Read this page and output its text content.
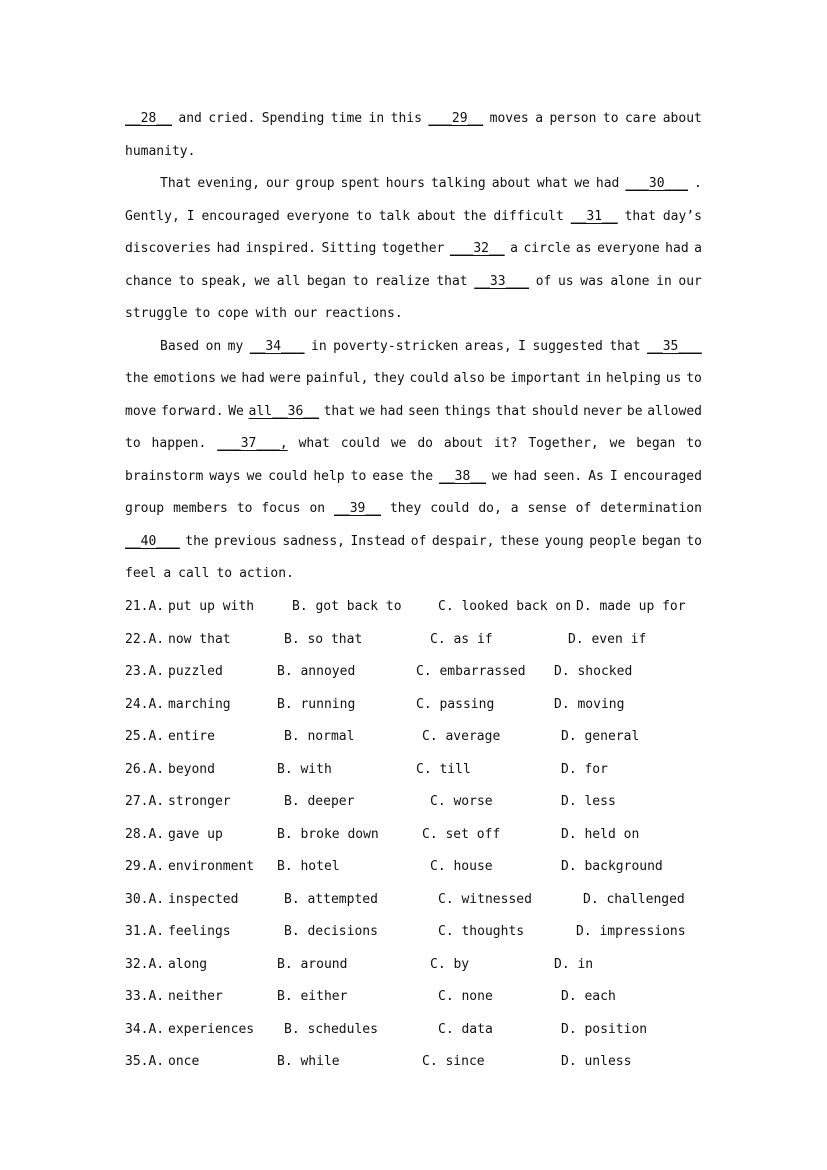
__28__ and cried. Spending time in this ___29__ moves a person to care about
humanity.
That evening, our group spent hours talking about what we had ___30___ .
Gently, I encouraged everyone to talk about the difficult __31__ that day’s
discoveries had inspired. Sitting together ___32__ a circle as everyone had a
chance to speak, we all began to realize that __33___ of us was alone in our
struggle to cope with our reactions.
Based on my __34___ in poverty-stricken areas, I suggested that __35___
the emotions we had were painful, they could also be important in helping us to
move forward. We all__36__ that we had seen things that should never be allowed
to happen. ___37___, what could we do about it? Together, we began to
brainstorm ways we could help to ease the __38__ we had seen. As I encouraged
group members to focus on __39__ they could do, a sense of determination
__40___ the previous sadness, Instead of despair, these young people began to
feel a call to action.
21.A. put up with	B. got back to	C. looked back on D. made up for
22.A. now that	B. so that	C. as if	D. even if
23.A. puzzled	B. annoyed	C. embarrassed D. shocked
24.A. marching	B. running	C. passing	D. moving
25.A. entire	B. normal	C. average	D. general
26.A. beyond	B. with	C. till	D. for
27.A. stronger	B. deeper	C. worse	D. less
28.A. gave up	B. broke down	C. set off	D. held on
29.A. environment B. hotel	C. house	D. background
30.A. inspected	B. attempted	C. witnessed	D. challenged
31.A. feelings	B. decisions	C. thoughts	D. impressions
32.A. along	B. around	C. by	D. in
33.A. neither	B. either	C. none	D. each
34.A. experiences B. schedules	C. data	D. position
35.A. once	B. while	C. since	D. unless
